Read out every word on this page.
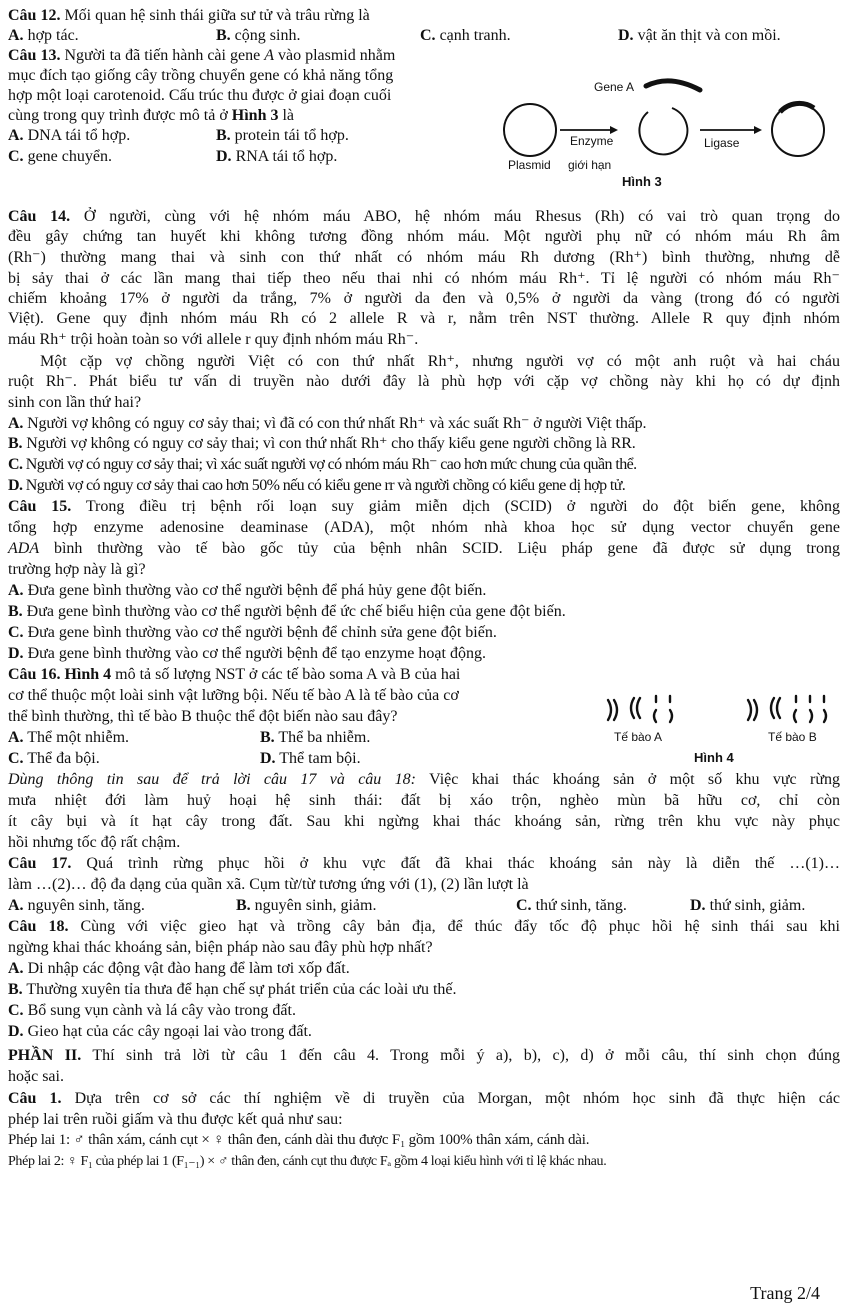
Câu 12. Mối quan hệ sinh thái giữa sư tử và trâu rừng là
A. hợp tác.	B. cộng sinh.	C. cạnh tranh.	D. vật ăn thịt và con mồi.
Câu 13. Người ta đã tiến hành cài gene A vào plasmid nhằm
mục đích tạo giống cây trồng chuyển gene có khả năng tổng
hợp một loại carotenoid. Cấu trúc thu được ở giai đoạn cuối
cùng trong quy trình được mô tả ở Hình 3 là
A. DNA tái tổ hợp.	B. protein tái tổ hợp.
C. gene chuyển.	D. RNA tái tổ hợp.
Gene A
Enzyme
Plasmid giới hạn
Ligase
Hình 3
Câu 14. Ở người, cùng với hệ nhóm máu ABO, hệ nhóm máu Rhesus (Rh) có vai trò quan trọng do
đều gây chứng tan huyết khi không tương đồng nhóm máu. Một người phụ nữ có nhóm máu Rh âm
(Rh⁻) thường mang thai và sinh con thứ nhất có nhóm máu Rh dương (Rh⁺) bình thường, nhưng dễ
bị sảy thai ở các lần mang thai tiếp theo nếu thai nhi có nhóm máu Rh⁺. Tỉ lệ người có nhóm máu Rh⁻
chiếm khoảng 17% ở người da trắng, 7% ở người da đen và 0,5% ở người da vàng (trong đó có người
Việt). Gene quy định nhóm máu Rh có 2 allele R và r, nằm trên NST thường. Allele R quy định nhóm
máu Rh⁺ trội hoàn toàn so với allele r quy định nhóm máu Rh⁻.
Một cặp vợ chồng người Việt có con thứ nhất Rh⁺, nhưng người vợ có một anh ruột và hai cháu
ruột Rh⁻. Phát biểu tư vấn di truyền nào dưới đây là phù hợp với cặp vợ chồng này khi họ có dự định
sinh con lần thứ hai?
A. Người vợ không có nguy cơ sảy thai; vì đã có con thứ nhất Rh⁺ và xác suất Rh⁻ ở người Việt thấp.
B. Người vợ không có nguy cơ sảy thai; vì con thứ nhất Rh⁺ cho thấy kiểu gene người chồng là RR.
C. Người vợ có nguy cơ sảy thai; vì xác suất người vợ có nhóm máu Rh⁻ cao hơn mức chung của quần thể.
D. Người vợ có nguy cơ sảy thai cao hơn 50% nếu có kiểu gene rr và người chồng có kiểu gene dị hợp tử.
Câu 15. Trong điều trị bệnh rối loạn suy giảm miễn dịch (SCID) ở người do đột biến gene, không
tổng hợp enzyme adenosine deaminase (ADA), một nhóm nhà khoa học sử dụng vector chuyển gene
ADA bình thường vào tế bào gốc tủy của bệnh nhân SCID. Liệu pháp gene đã được sử dụng trong
trường hợp này là gì?
A. Đưa gene bình thường vào cơ thể người bệnh để phá hủy gene đột biến.
B. Đưa gene bình thường vào cơ thể người bệnh để ức chế biểu hiện của gene đột biến.
C. Đưa gene bình thường vào cơ thể người bệnh để chỉnh sửa gene đột biến.
D. Đưa gene bình thường vào cơ thể người bệnh để tạo enzyme hoạt động.
Câu 16. Hình 4 mô tả số lượng NST ở các tế bào soma A và B của hai
cơ thể thuộc một loài sinh vật lưỡng bội. Nếu tế bào A là tế bào của cơ
thể bình thường, thì tế bào B thuộc thể đột biến nào sau đây?
A. Thể một nhiễm.	B. Thể ba nhiễm.
C. Thể đa bội.	D. Thể tam bội.
Tế bào A	Tế bào B
Hình 4
Dùng thông tin sau để trả lời câu 17 và câu 18: Việc khai thác khoáng sản ở một số khu vực rừng
mưa nhiệt đới làm huỷ hoại hệ sinh thái: đất bị xáo trộn, nghèo mùn bã hữu cơ, chỉ còn
ít cây bụi và ít hạt cây trong đất. Sau khi ngừng khai thác khoáng sản, rừng trên khu vực này phục
hồi nhưng tốc độ rất chậm.
Câu 17. Quá trình rừng phục hồi ở khu vực đất đã khai thác khoáng sản này là diễn thế …(1)…
làm …(2)… độ đa dạng của quần xã. Cụm từ/từ tương ứng với (1), (2) lần lượt là
A. nguyên sinh, tăng.	B. nguyên sinh, giảm.	C. thứ sinh, tăng.	D. thứ sinh, giảm.
Câu 18. Cùng với việc gieo hạt và trồng cây bản địa, để thúc đẩy tốc độ phục hồi hệ sinh thái sau khi
ngừng khai thác khoáng sản, biện pháp nào sau đây phù hợp nhất?
A. Di nhập các động vật đào hang để làm tơi xốp đất.
B. Thường xuyên tỉa thưa để hạn chế sự phát triển của các loài ưu thế.
C. Bổ sung vụn cành và lá cây vào trong đất.
D. Gieo hạt của các cây ngoại lai vào trong đất.
PHẦN II. Thí sinh trả lời từ câu 1 đến câu 4. Trong mỗi ý a), b), c), d) ở mỗi câu, thí sinh chọn đúng
hoặc sai.
Câu 1. Dựa trên cơ sở các thí nghiệm về di truyền của Morgan, một nhóm học sinh đã thực hiện các
phép lai trên ruồi giấm và thu được kết quả như sau:
Phép lai 1: ♂ thân xám, cánh cụt × ♀ thân đen, cánh dài thu được F₁ gồm 100% thân xám, cánh dài.
Phép lai 2: ♀ F₁ của phép lai 1 (F₁₋₁) × ♂ thân đen, cánh cụt thu được Fₐ gồm 4 loại kiểu hình với tỉ lệ khác nhau.
Trang 2/4
